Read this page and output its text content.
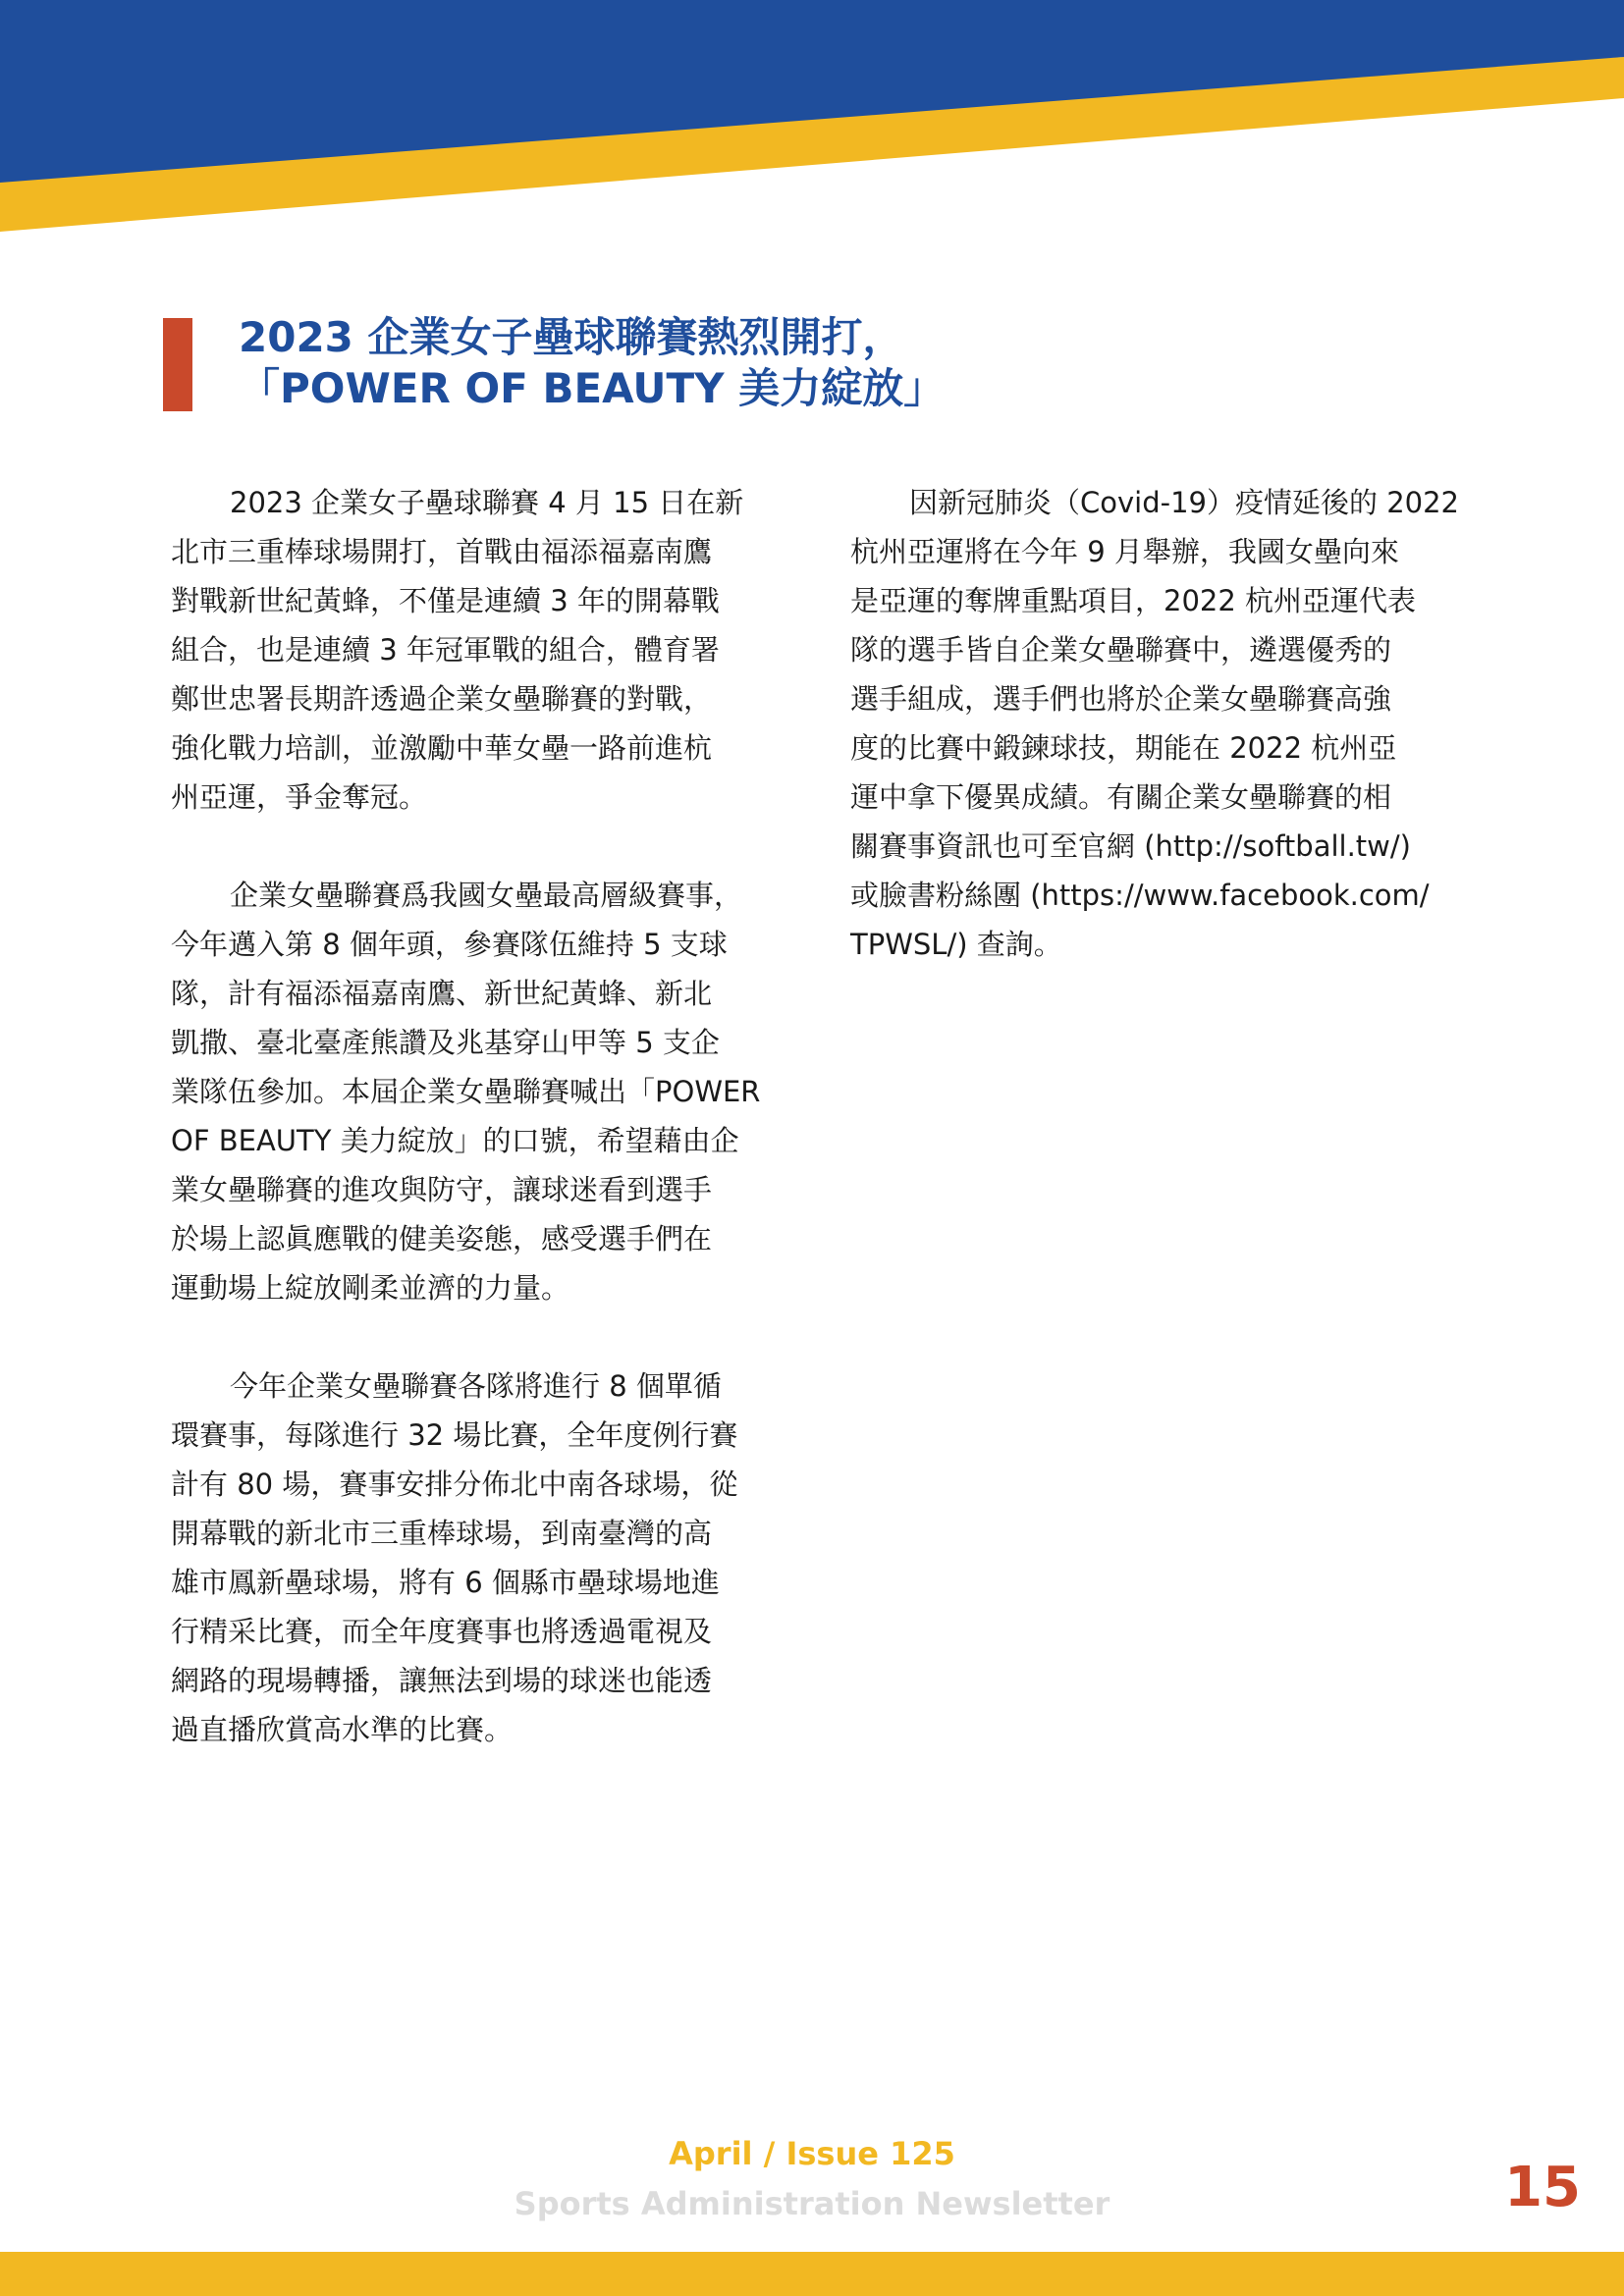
2023 企業女子壘球聯賽熱烈開打，
「POWER OF BEAUTY 美力綻放」
2023 企業女子壘球聯賽 4 月 15 日在新
北市三重棒球場開打，首戰由福添福嘉南鷹
對戰新世紀黃蜂，不僅是連續 3 年的開幕戰
組合，也是連續 3 年冠軍戰的組合，體育署
鄭世忠署長期許透過企業女壘聯賽的對戰，
強化戰力培訓，並激勵中華女壘一路前進杭
州亞運，爭金奪冠。
企業女壘聯賽爲我國女壘最高層級賽事，
今年邁入第 8 個年頭，參賽隊伍維持 5 支球
隊，計有福添福嘉南鷹、新世紀黃蜂、新北
凱撒、臺北臺產熊讚及兆基穿山甲等 5 支企
業隊伍參加。本屆企業女壘聯賽喊出「POWER
OF BEAUTY 美力綻放」的口號，希望藉由企
業女壘聯賽的進攻與防守，讓球迷看到選手
於場上認眞應戰的健美姿態，感受選手們在
運動場上綻放剛柔並濟的力量。
今年企業女壘聯賽各隊將進行 8 個單循
環賽事，每隊進行 32 場比賽，全年度例行賽
計有 80 場，賽事安排分佈北中南各球場，從
開幕戰的新北市三重棒球場，到南臺灣的高
雄市鳳新壘球場，將有 6 個縣市壘球場地進
行精采比賽，而全年度賽事也將透過電視及
網路的現場轉播，讓無法到場的球迷也能透
過直播欣賞高水準的比賽。
因新冠肺炎（Covid-19）疫情延後的 2022
杭州亞運將在今年 9 月舉辦，我國女壘向來
是亞運的奪牌重點項目，2022 杭州亞運代表
隊的選手皆自企業女壘聯賽中，遴選優秀的
選手組成，選手們也將於企業女壘聯賽高強
度的比賽中鍛鍊球技，期能在 2022 杭州亞
運中拿下優異成績。有關企業女壘聯賽的相
關賽事資訊也可至官網 (http://softball.tw/)
或臉書粉絲團 (https://www.facebook.com/
TPWSL/) 查詢。
April / Issue 125
Sports Administration Newsletter	15
